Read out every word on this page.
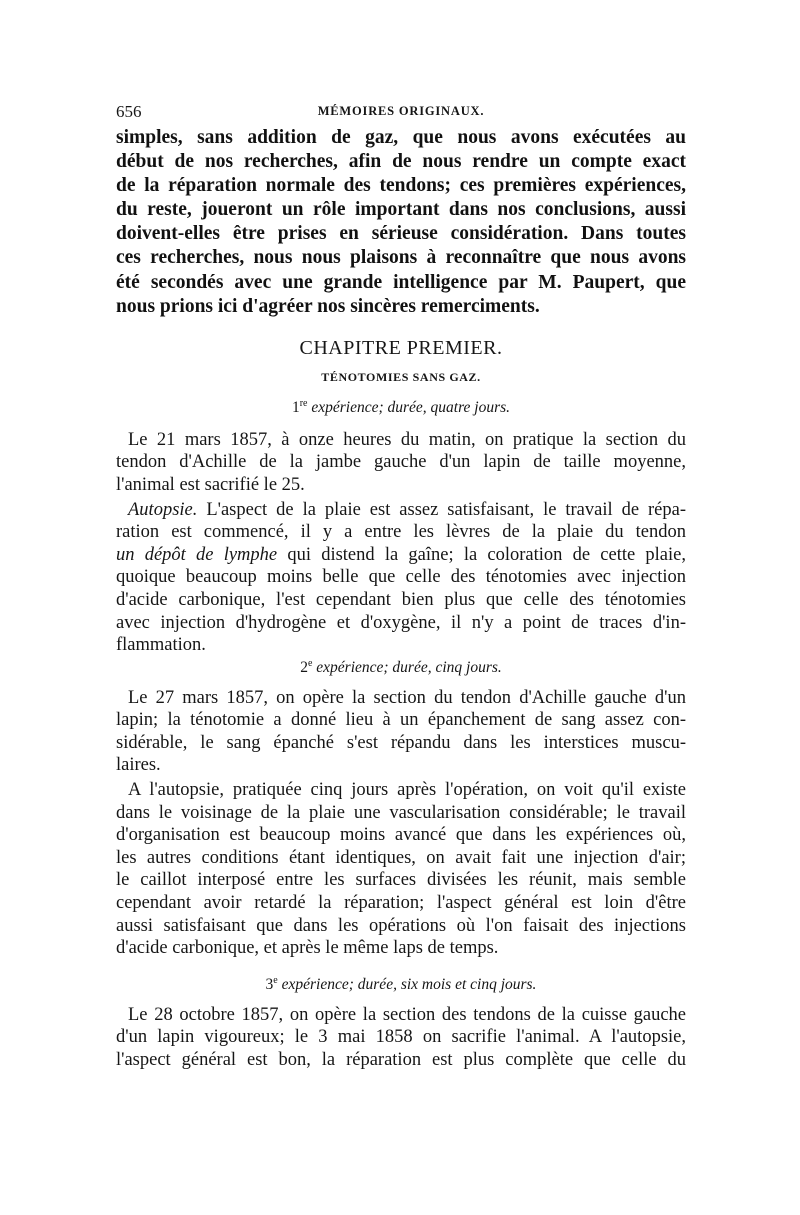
656	MÉMOIRES ORIGINAUX.
simples, sans addition de gaz, que nous avons exécutées au
début de nos recherches, afin de nous rendre un compte exact
de la réparation normale des tendons; ces premières expériences,
du reste, joueront un rôle important dans nos conclusions, aussi
doivent-elles être prises en sérieuse considération. Dans toutes
ces recherches, nous nous plaisons à reconnaître que nous avons
été secondés avec une grande intelligence par M. Paupert, que
nous prions ici d'agréer nos sincères remerciments.
CHAPITRE PREMIER.
TÉNOTOMIES SANS GAZ.
1re expérience; durée, quatre jours.
Le 21 mars 1857, à onze heures du matin, on pratique la section du
tendon d'Achille de la jambe gauche d'un lapin de taille moyenne,
l'animal est sacrifié le 25.
Autopsie. L'aspect de la plaie est assez satisfaisant, le travail de répa-
ration est commencé, il y a entre les lèvres de la plaie du tendon
un dépôt de lymphe qui distend la gaîne; la coloration de cette plaie,
quoique beaucoup moins belle que celle des ténotomies avec injection
d'acide carbonique, l'est cependant bien plus que celle des ténotomies
avec injection d'hydrogène et d'oxygène, il n'y a point de traces d'in-
flammation.
2e expérience; durée, cinq jours.
Le 27 mars 1857, on opère la section du tendon d'Achille gauche d'un
lapin; la ténotomie a donné lieu à un épanchement de sang assez con-
sidérable, le sang épanché s'est répandu dans les interstices muscu-
laires.
A l'autopsie, pratiquée cinq jours après l'opération, on voit qu'il existe
dans le voisinage de la plaie une vascularisation considérable; le travail
d'organisation est beaucoup moins avancé que dans les expériences où,
les autres conditions étant identiques, on avait fait une injection d'air;
le caillot interposé entre les surfaces divisées les réunit, mais semble
cependant avoir retardé la réparation; l'aspect général est loin d'être
aussi satisfaisant que dans les opérations où l'on faisait des injections
d'acide carbonique, et après le même laps de temps.
3e expérience; durée, six mois et cinq jours.
Le 28 octobre 1857, on opère la section des tendons de la cuisse gauche
d'un lapin vigoureux; le 3 mai 1858 on sacrifie l'animal. A l'autopsie,
l'aspect général est bon, la réparation est plus complète que celle du
